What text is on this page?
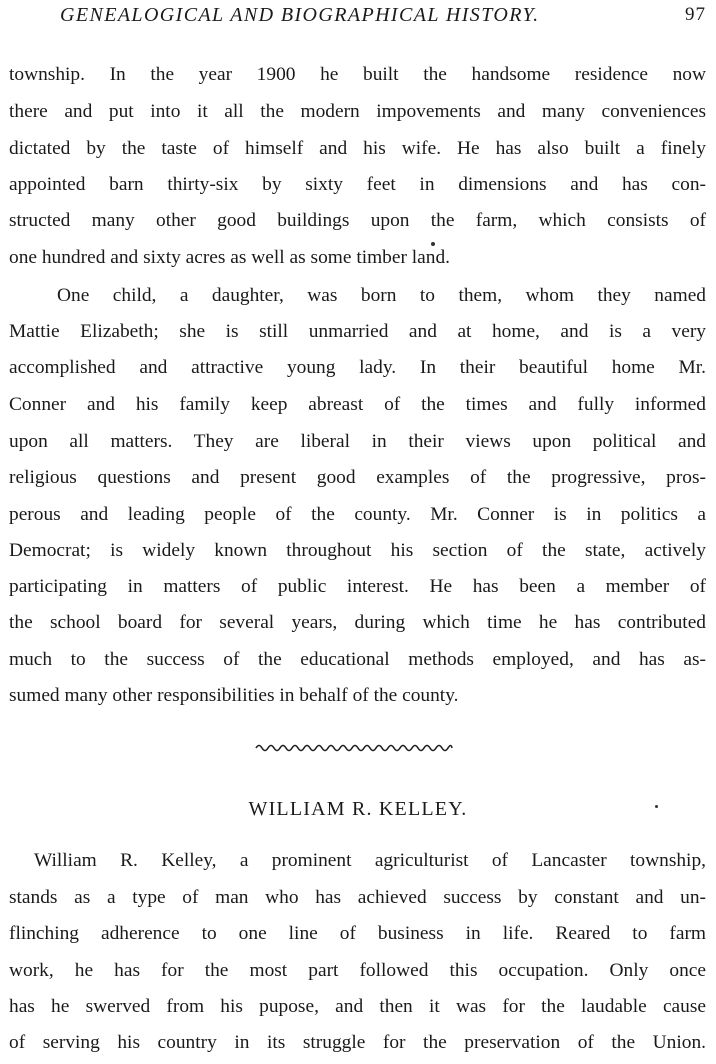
GENEALOGICAL AND BIOGRAPHICAL HISTORY.	97
township. In the year 1900 he built the handsome residence now
there and put into it all the modern impovements and many conveniences
dictated by the taste of himself and his wife. He has also built a finely
appointed barn thirty-six by sixty feet in dimensions and has con-
structed many other good buildings upon the farm, which consists of
one hundred and sixty acres as well as some timber land.
One child, a daughter, was born to them, whom they named
Mattie Elizabeth; she is still unmarried and at home, and is a very
accomplished and attractive young lady. In their beautiful home Mr.
Conner and his family keep abreast of the times and fully informed
upon all matters. They are liberal in their views upon political and
religious questions and present good examples of the progressive, pros-
perous and leading people of the county. Mr. Conner is in politics a
Democrat; is widely known throughout his section of the state, actively
participating in matters of public interest. He has been a member of
the school board for several years, during which time he has contributed
much to the success of the educational methods employed, and has as-
sumed many other responsibilities in behalf of the county.
WILLIAM R. KELLEY.
William R. Kelley, a prominent agriculturist of Lancaster township,
stands as a type of man who has achieved success by constant and un-
flinching adherence to one line of business in life. Reared to farm
work, he has for the most part followed this occupation. Only once
has he swerved from his pupose, and then it was for the laudable cause
of serving his country in its struggle for the preservation of the Union.
